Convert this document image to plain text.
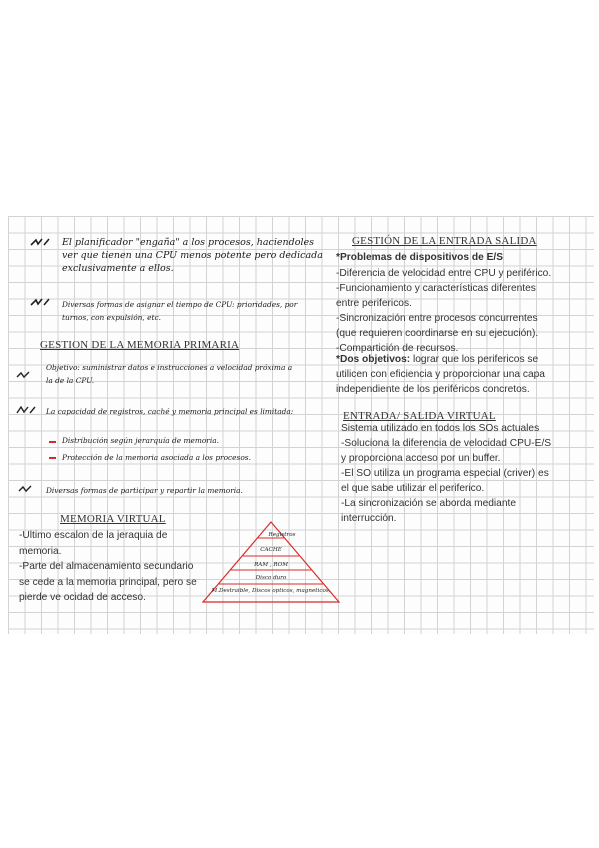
El planificador "engaña" a los procesos, haciendoles ver que tienen una CPU menos potente pero dedicada exclusivamente a ellos.
Diversas formas de asignar el tiempo de CPU: prioridades, por turnos, con expulsión, etc.
GESTION DE LA MEMORIA PRIMARIA
Objetivo: suministrar datos e instrucciones a velocidad próxima a la de la CPU.
La capacidad de registros, caché y memoria principal es limitada:
Distribución según jerarquía de memoria.
Protección de la memoria asociada a los procesos.
Diversas formas de participar y repartir la memoria.
MEMORIA VIRTUAL
-Ultimo escalon de la jeraquia de memoria.
-Parte del almacenamiento secundario se cede a la memoria principal, pero se pierde ve ocidad de acceso.
Registros
CACHE
RAM , ROM
Disco duro
M.Destraible, Discos opticos, magneticos.
GESTIÓN DE LA ENTRADA SALIDA
*Problemas de dispositivos de E/S
-Diferencia de velocidad entre CPU y periférico.
-Funcionamiento y características diferentes
entre perifericos.
-Sincronización entre procesos concurrentes
(que requieren coordinarse en su ejecución).
-Compartición de recursos.
*Dos objetivos: lograr que los perifericos se
utilicen con eficiencia y proporcionar una capa
independiente de los periféricos concretos.
ENTRADA/ SALIDA VIRTUAL
Sistema utilizado en todos los SOs actuales
-Soluciona la diferencia de velocidad CPU-E/S
y proporciona acceso por un buffer.
-El SO utiliza un programa especial (criver) es
el que sabe utilizar el periferico.
-La sincronización se aborda mediante
interrucción.
